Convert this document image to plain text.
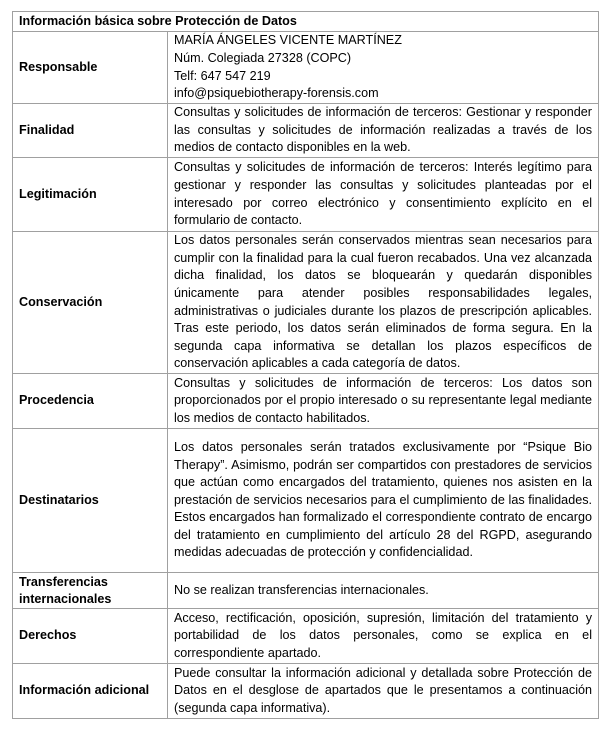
Información básica sobre Protección de Datos	
Responsable	MARÍA ÁNGELES VICENTE MARTÍNEZ
Núm. Colegiada 27328 (COPC)
Telf: 647 547 219
info@psiquebiotherapy-forensis.com

Finalidad	Consultas y solicitudes de información de terceros: Gestionar y responder las consultas y solicitudes de información realizadas a través de los medios de contacto disponibles en la web.
Legitimación	Consultas y solicitudes de información de terceros: Interés legítimo para gestionar y responder las consultas y solicitudes planteadas por el interesado por correo electrónico y consentimiento explícito en el formulario de contacto.
Conservación	Los datos personales serán conservados mientras sean necesarios para cumplir con la finalidad para la cual fueron recabados. Una vez alcanzada dicha finalidad, los datos se bloquearán y quedarán disponibles únicamente para atender posibles responsabilidades legales, administrativas o judiciales durante los plazos de prescripción aplicables. Tras este periodo, los datos serán eliminados de forma segura. En la segunda capa informativa se detallan los plazos específicos de conservación aplicables a cada categoría de datos.
Procedencia	Consultas y solicitudes de información de terceros: Los datos son proporcionados por el propio interesado o su representante legal mediante los medios de contacto habilitados.
Destinatarios	Los datos personales serán tratados exclusivamente por “Psique Bio Therapy”. Asimismo, podrán ser compartidos con prestadores de servicios que actúan como encargados del tratamiento, quienes nos asisten en la prestación de servicios necesarios para el cumplimiento de las finalidades. Estos encargados han formalizado el correspondiente contrato de encargo del tratamiento en cumplimiento del artículo 28 del RGPD, asegurando medidas adecuadas de protección y confidencialidad.

Transferencias
internacionales	No se realizan transferencias internacionales.
Derechos	Acceso, rectificación, oposición, supresión, limitación del tratamiento y portabilidad de los datos personales, como se explica en el correspondiente apartado.
Información adicional	Puede consultar la información adicional y detallada sobre Protección de Datos en el desglose de apartados que le presentamos a continuación (segunda capa informativa).
